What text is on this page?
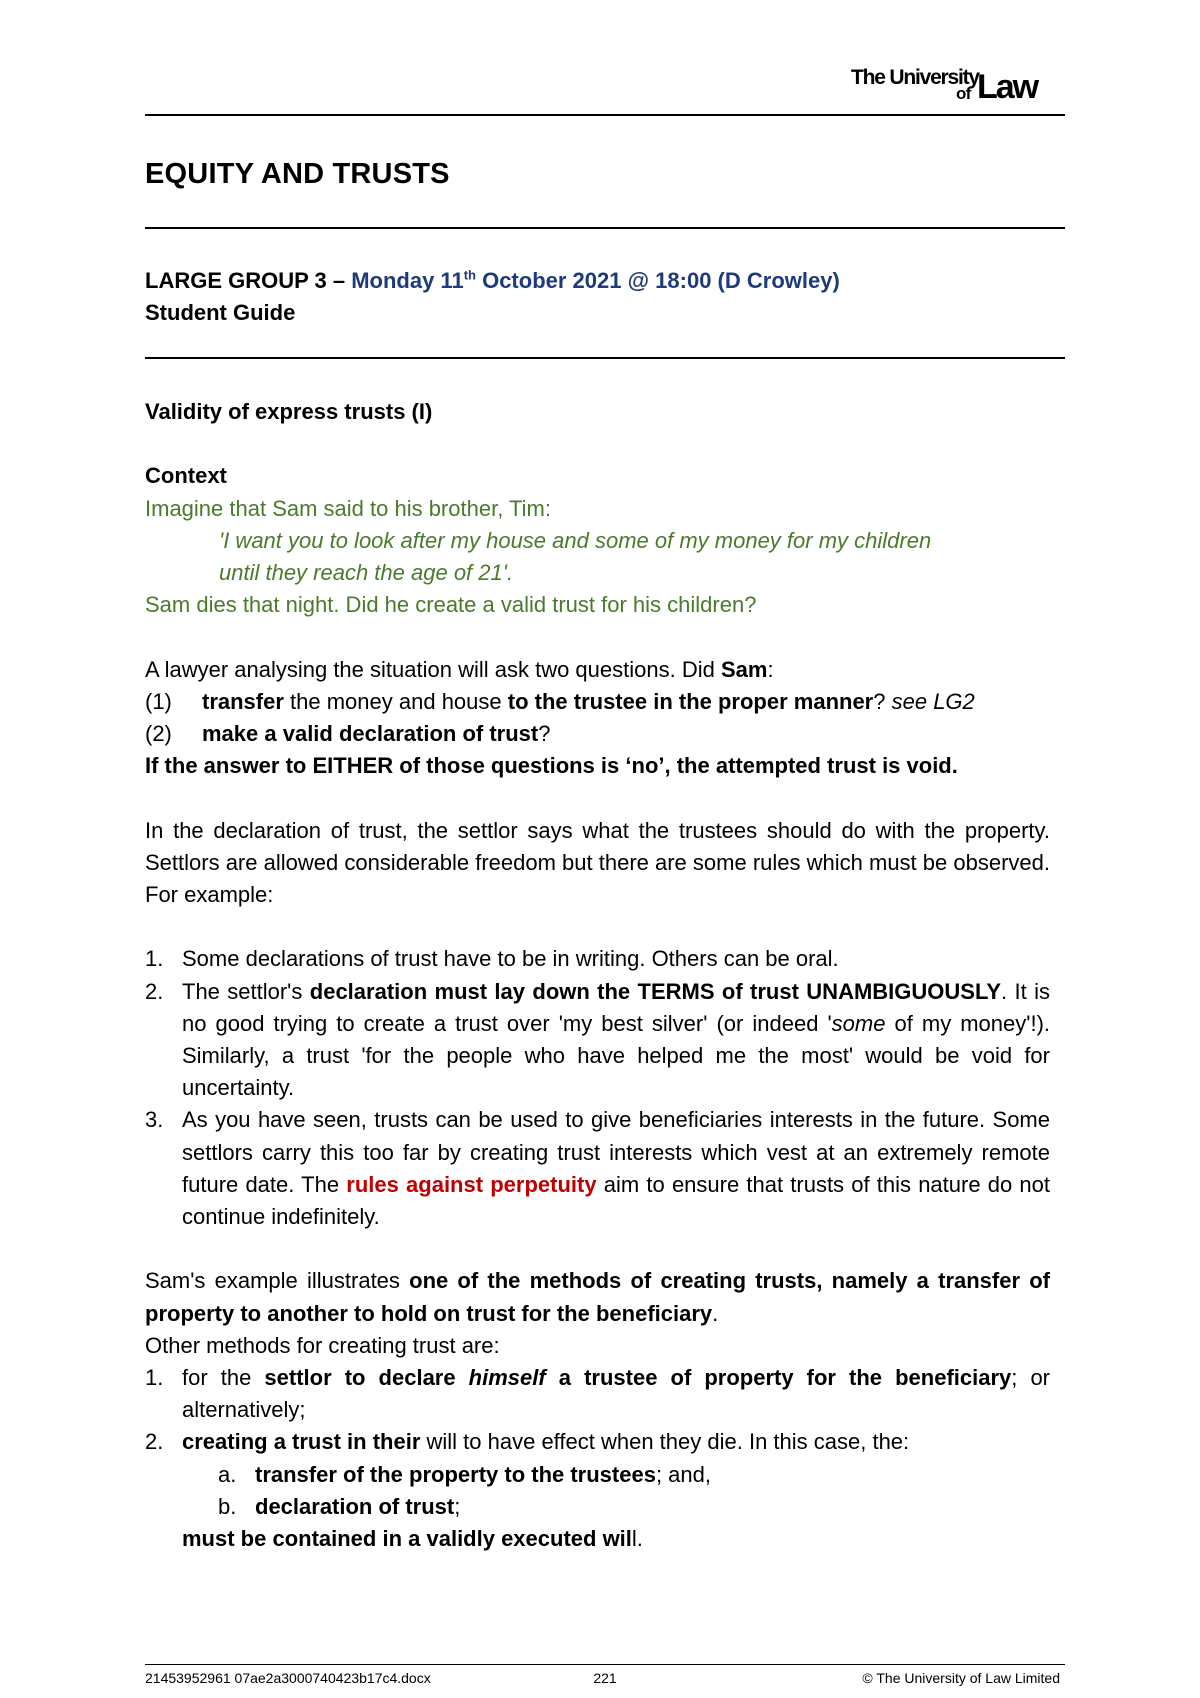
The University
of Law
EQUITY AND TRUSTS
LARGE GROUP 3 – Monday 11th October 2021 @ 18:00 (D Crowley)
Student Guide

Validity of express trusts (I)

Context

Imagine that Sam said to his brother, Tim:

'I want you to look after my house and some of my money for my children

until they reach the age of 21'.

Sam dies that night. Did he create a valid trust for his children?

A lawyer analysing the situation will ask two questions. Did Sam:

(1) transfer the money and house to the trustee in the proper manner? see LG2
(2) make a valid declaration of trust?

If the answer to EITHER of those questions is ‘no’, the attempted trust is void.

In the declaration of trust, the settlor says what the trustees should do with the property. Settlors are allowed considerable freedom but there are some rules which must be observed. For example:

1. Some declarations of trust have to be in writing. Others can be oral.
2. The settlor's declaration must lay down the TERMS of trust UNAMBIGUOUSLY. It is no good trying to create a trust over 'my best silver' (or indeed 'some of my money'!). Similarly, a trust 'for the people who have helped me the most' would be void for uncertainty.
3. As you have seen, trusts can be used to give beneficiaries interests in the future. Some settlors carry this too far by creating trust interests which vest at an extremely remote future date. The rules against perpetuity aim to ensure that trusts of this nature do not continue indefinitely.

Sam's example illustrates one of the methods of creating trusts, namely a transfer of property to another to hold on trust for the beneficiary.

Other methods for creating trust are:

1. for the settlor to declare himself a trustee of property for the beneficiary; or alternatively;
2. creating a trust in their will to have effect when they die. In this case, the:
a. transfer of the property to the trustees; and,
b. declaration of trust;

must be contained in a validly executed will.

21453952961 07ae2a3000740423b17c4.docx	221	© The University of Law Limited
